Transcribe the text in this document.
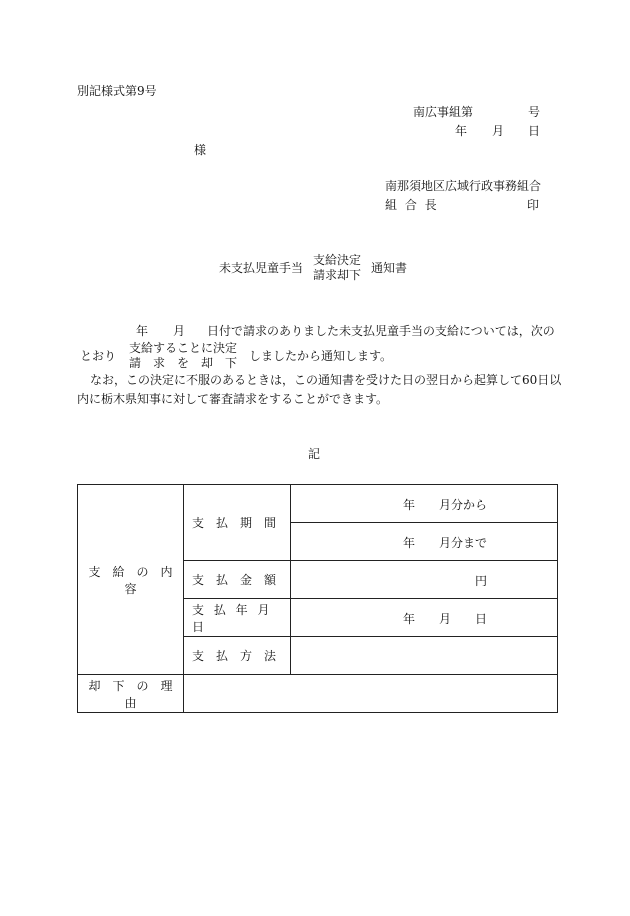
別記様式第9号
南広事組第	号
年 月 日
様
南那須地区広域行政事務組合
組 合 長	印
未支払児童手当
支給決定
請求却下 通知書
年 月 日付で請求のありました未支払児童手当の支給については，次の
とおり
支給することに決定
請　求　を　却　下 しましたから通知します。
なお，この決定に不服のあるときは，この通知書を受けた日の翌日から起算して60日以
内に栃木県知事に対して審査請求をすることができます。
記
支　給　の　内　容	支　払　期　間	年 月分から

		年 月分まで

	支　払　金　額	円

	支 払 年 月 日	年 月 日

	支　払　方　法	
却　下　の　理　由		
